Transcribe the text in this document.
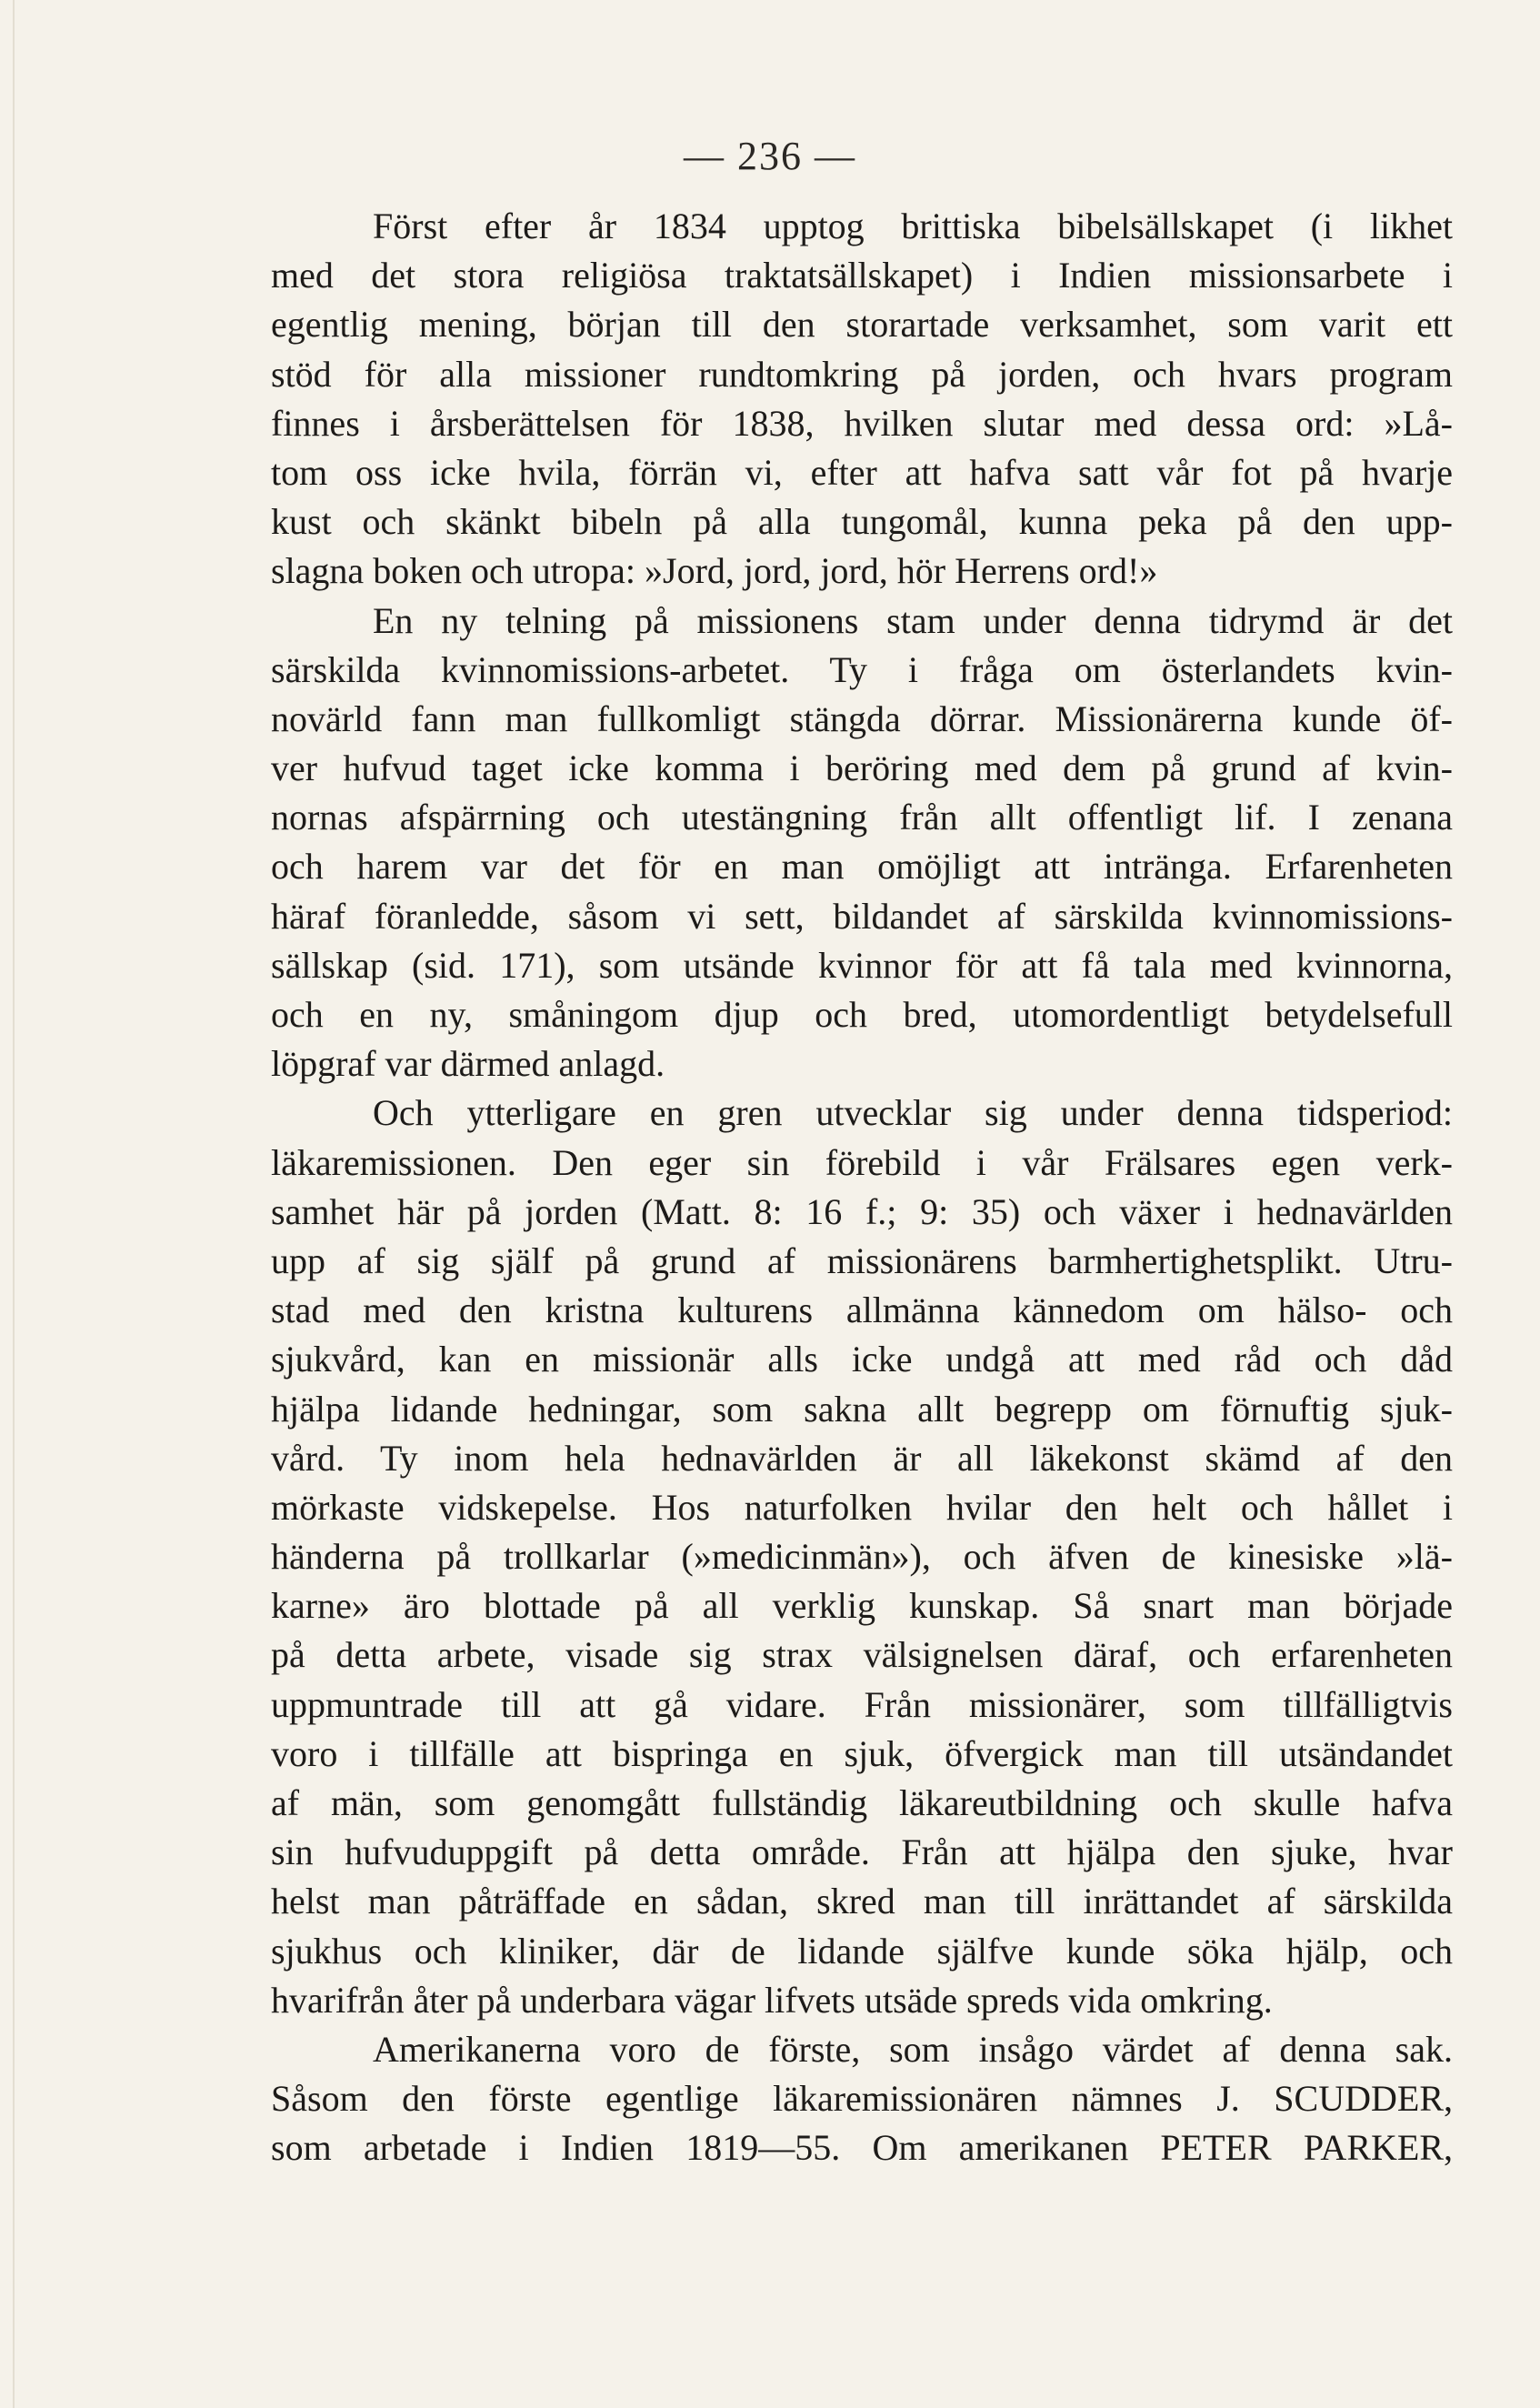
— 236 —
Först efter år 1834 upptog brittiska bibelsällskapet (i likhet
med det stora religiösa traktatsällskapet) i Indien missionsarbete i
egentlig mening, början till den storartade verksamhet, som varit ett
stöd för alla missioner rundtomkring på jorden, och hvars program
finnes i årsberättelsen för 1838, hvilken slutar med dessa ord: »Lå-
tom oss icke hvila, förrän vi, efter att hafva satt vår fot på hvarje
kust och skänkt bibeln på alla tungomål, kunna peka på den upp-
slagna boken och utropa: »Jord, jord, jord, hör Herrens ord!»
En ny telning på missionens stam under denna tidrymd är det
särskilda kvinnomissions-arbetet. Ty i fråga om österlandets kvin-
novärld fann man fullkomligt stängda dörrar. Missionärerna kunde öf-
ver hufvud taget icke komma i beröring med dem på grund af kvin-
nornas afspärrning och utestängning från allt offentligt lif. I zenana
och harem var det för en man omöjligt att intränga. Erfarenheten
häraf föranledde, såsom vi sett, bildandet af särskilda kvinnomissions-
sällskap (sid. 171), som utsände kvinnor för att få tala med kvinnorna,
och en ny, småningom djup och bred, utomordentligt betydelsefull
löpgraf var därmed anlagd.
Och ytterligare en gren utvecklar sig under denna tidsperiod:
läkaremissionen. Den eger sin förebild i vår Frälsares egen verk-
samhet här på jorden (Matt. 8: 16 f.; 9: 35) och växer i hednavärlden
upp af sig själf på grund af missionärens barmhertighetsplikt. Utru-
stad med den kristna kulturens allmänna kännedom om hälso- och
sjukvård, kan en missionär alls icke undgå att med råd och dåd
hjälpa lidande hedningar, som sakna allt begrepp om förnuftig sjuk-
vård. Ty inom hela hednavärlden är all läkekonst skämd af den
mörkaste vidskepelse. Hos naturfolken hvilar den helt och hållet i
händerna på trollkarlar (»medicinmän»), och äfven de kinesiske »lä-
karne» äro blottade på all verklig kunskap. Så snart man började
på detta arbete, visade sig strax välsignelsen däraf, och erfarenheten
uppmuntrade till att gå vidare. Från missionärer, som tillfälligtvis
voro i tillfälle att bispringa en sjuk, öfvergick man till utsändandet
af män, som genomgått fullständig läkareutbildning och skulle hafva
sin hufvuduppgift på detta område. Från att hjälpa den sjuke, hvar
helst man påträffade en sådan, skred man till inrättandet af särskilda
sjukhus och kliniker, där de lidande själfve kunde söka hjälp, och
hvarifrån åter på underbara vägar lifvets utsäde spreds vida omkring.
Amerikanerna voro de förste, som insågo värdet af denna sak.
Såsom den förste egentlige läkaremissionären nämnes J. SCUDDER,
som arbetade i Indien 1819—55. Om amerikanen PETER PARKER,
